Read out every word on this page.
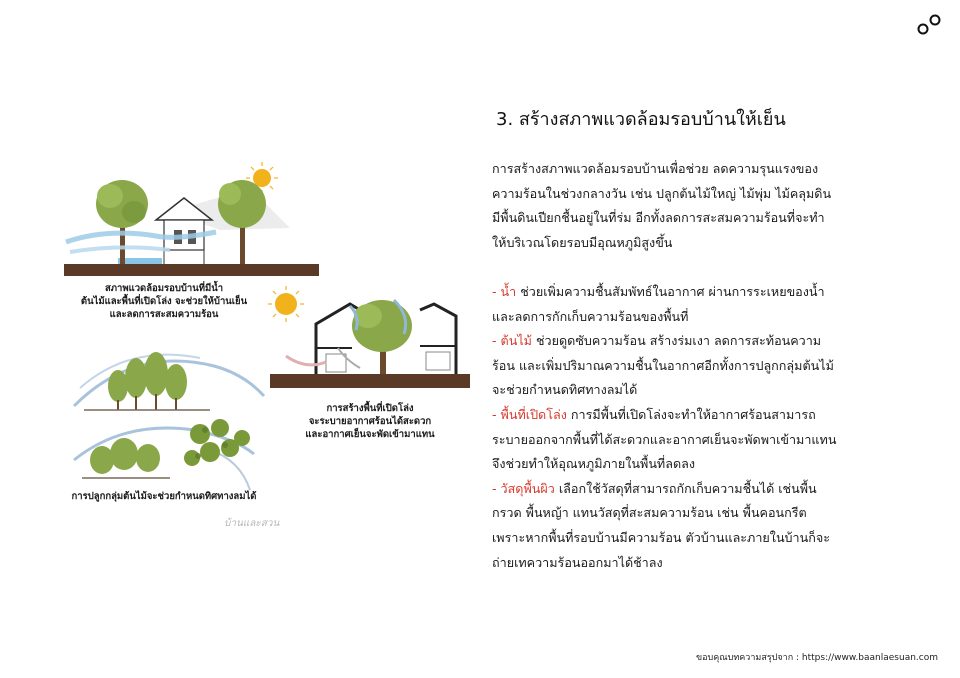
สภาพแวดล้อมรอบบ้านที่มีน้ำ
ต้นไม้และพื้นที่เปิดโล่ง จะช่วยให้บ้านเย็น
และลดการสะสมความร้อน
การสร้างพื้นที่เปิดโล่ง
จะระบายอากาศร้อนได้สะดวก
และอากาศเย็นจะพัดเข้ามาแทน
การปลูกกลุ่มต้นไม้จะช่วยกำหนดทิศทางลมได้
บ้านและสวน
3. สร้างสภาพแวดล้อมรอบบ้านให้เย็น

การสร้างสภาพแวดล้อมรอบบ้านเพื่อช่วย ลดความรุนแรงของ

ความร้อนในช่วงกลางวัน เช่น ปลูกต้นไม้ใหญ่ ไม้พุ่ม ไม้คลุมดิน

มีพื้นดินเปียกชื้นอยู่ในที่ร่ม อีกทั้งลดการสะสมความร้อนที่จะทำ

ให้บริเวณโดยรอบมีอุณหภูมิสูงขึ้น

- น้ำ ช่วยเพิ่มความชื้นสัมพัทธ์ในอากาศ ผ่านการระเหยของน้ำ

และลดการกักเก็บความร้อนของพื้นที่

- ต้นไม้ ช่วยดูดซับความร้อน สร้างร่มเงา ลดการสะท้อนความ

ร้อน และเพิ่มปริมาณความชื้นในอากาศอีกทั้งการปลูกกลุ่มต้นไม้

จะช่วยกำหนดทิศทางลมได้

- พื้นที่เปิดโล่ง การมีพื้นที่เปิดโล่งจะทำให้อากาศร้อนสามารถ

ระบายออกจากพื้นที่ได้สะดวกและอากาศเย็นจะพัดพาเข้ามาแทน

จึงช่วยทำให้อุณหภูมิภายในพื้นที่ลดลง

- วัสดุพื้นผิว เลือกใช้วัสดุที่สามารถกักเก็บความชื้นได้ เช่นพื้น

กรวด พื้นหญ้า แทนวัสดุที่สะสมความร้อน เช่น พื้นคอนกรีต

เพราะหากพื้นที่รอบบ้านมีความร้อน ตัวบ้านและภายในบ้านก็จะ

ถ่ายเทความร้อนออกมาได้ช้าลง

ขอบคุณบทความสรุปจาก : https://www.baanlaesuan.com
